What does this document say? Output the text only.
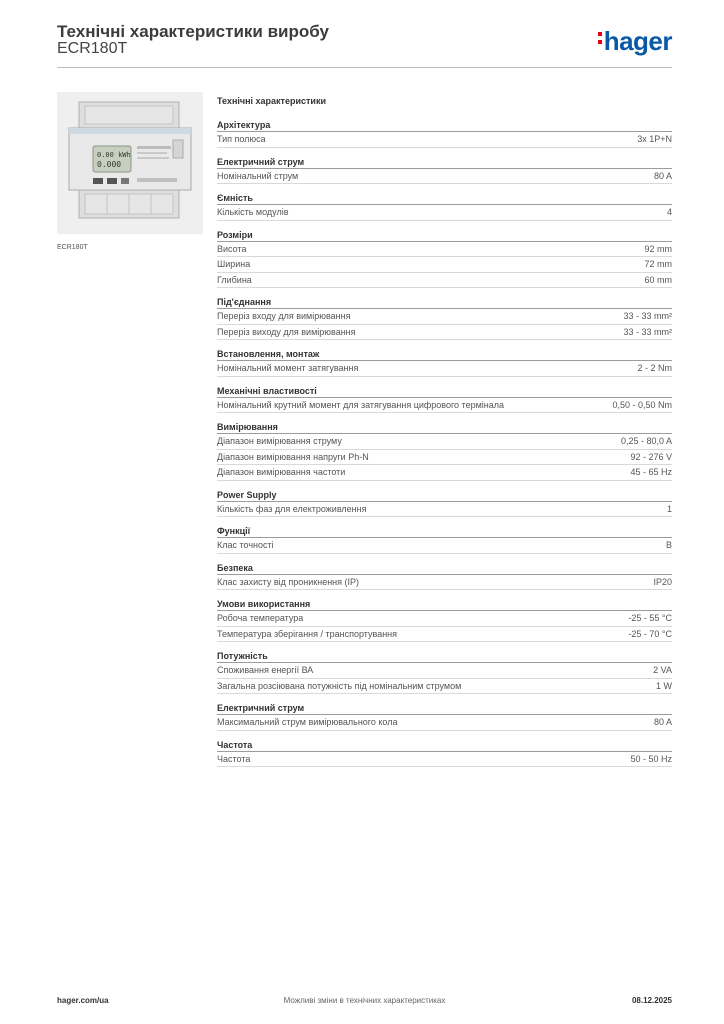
Технічні характеристики виробу
ECR180T	hager
0.00 kWh
0.000
ECR180T
Технічні характеристики
Архітектура
Тип полюса	3x 1P+N
Електричний струм
Номінальний струм	80 A
Ємність
Кількість модулів	4
Розміри
Висота	92 mm
Ширина	72 mm
Глибина	60 mm
Під'єднання
Переріз входу для вимірювання	33 - 33 mm²
Переріз виходу для вимірювання	33 - 33 mm²
Встановлення, монтаж
Номінальний момент затягування	2 - 2 Nm
Механічні властивості
Номінальний крутний момент для затягування цифрового термінала	0,50 - 0,50 Nm
Вимірювання
Діапазон вимірювання струму	0,25 - 80,0 A
Діапазон вимірювання напруги Ph-N	92 - 276 V
Діапазон вимірювання частоти	45 - 65 Hz
Power Supply
Кількість фаз для електроживлення	1
Функції
Клас точності	B
Безпека
Клас захисту від проникнення (IP)	IP20
Умови використання
Робоча температура	-25 - 55 °C
Температура зберігання / транспортування	-25 - 70 °C
Потужність
Споживання енергії ВА	2 VA
Загальна розсіювана потужність під номінальним струмом	1 W
Електричний струм
Максимальний струм вимірювального кола	80 A
Частота
Частота	50 - 50 Hz
hager.com/ua	Можливі зміни в технічних характеристиках	08.12.2025
